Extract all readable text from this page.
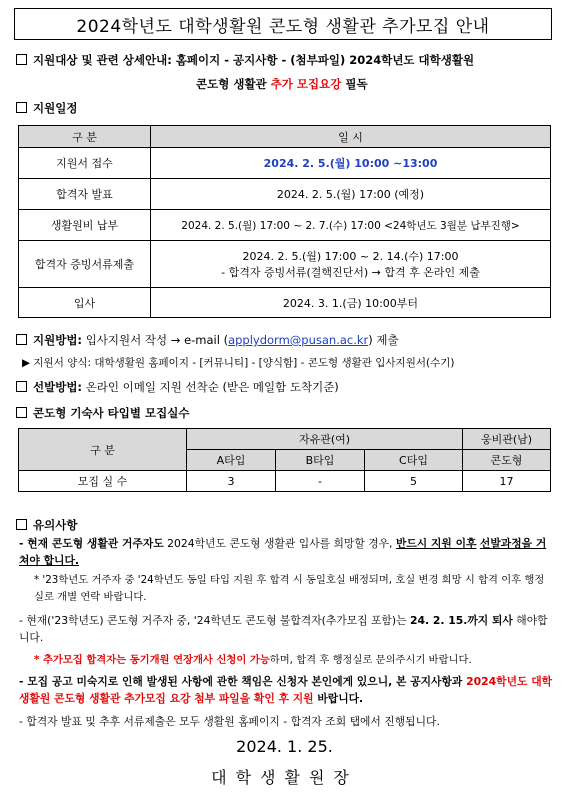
2024학년도 대학생활원 콘도형 생활관 추가모집 안내
지원대상 및 관련 상세안내: 홈페이지 - 공지사항 - (첨부파일) 2024학년도 대학생활원
콘도형 생활관 추가 모집요강 필독
지원일정
구 분	일 시
지원서 접수	2024. 2. 5.(월) 10:00 ~13:00
합격자 발표	2024. 2. 5.(월) 17:00 (예정)
생활원비 납부	2024. 2. 5.(월) 17:00 ~ 2. 7.(수) 17:00 <24학년도 3월분 납부진행>
합격자 증빙서류제출	2024. 2. 5.(월) 17:00 ~ 2. 14.(수) 17:00
- 합격자 증빙서류(결핵진단서) → 합격 후 온라인 제출

입사	2024. 3. 1.(금) 10:00부터
지원방법: 입사지원서 작성 → e-mail (applydorm@pusan.ac.kr) 제출
▶ 지원서 양식: 대학생활원 홈페이지 - [커뮤니티] - [양식함] - 콘도형 생활관 입사지원서(수기)
선발방법: 온라인 이메일 지원 선착순 (받은 메일함 도착기준)
콘도형 기숙사 타입별 모집실수
구 분	자유관(여)			웅비관(남)
	A타입	B타입	C타입	콘도형
모집 실 수	3	-	5	17
유의사항
- 현재 콘도형 생활관 거주자도 2024학년도 콘도형 생활관 입사를 희망할 경우, 반드시 지원 이후 선발과정을 거쳐야 합니다.
* '23학년도 거주자 중 '24학년도 동일 타입 지원 후 합격 시 동일호실 배정되며, 호실 변경 희망 시 합격 이후 행정실로 개별 연락 바랍니다.
- 현재('23학년도) 콘도형 거주자 중, '24학년도 콘도형 불합격자(추가모집 포함)는 24. 2. 15.까지 퇴사 해야합니다.
* 추가모집 합격자는 동기개원 연장개사 신청이 가능하며, 합격 후 행정실로 문의주시기 바랍니다.
- 모집 공고 미숙지로 인해 발생된 사항에 관한 책임은 신청자 본인에게 있으니, 본 공지사항과 2024학년도 대학생활원 콘도형 생활관 추가모집 요강 첨부 파일을 확인 후 지원 바랍니다.
- 합격자 발표 및 추후 서류제출은 모두 생활원 홈페이지 - 합격자 조회 탭에서 진행됩니다.
2024. 1. 25.
대학생활원장
